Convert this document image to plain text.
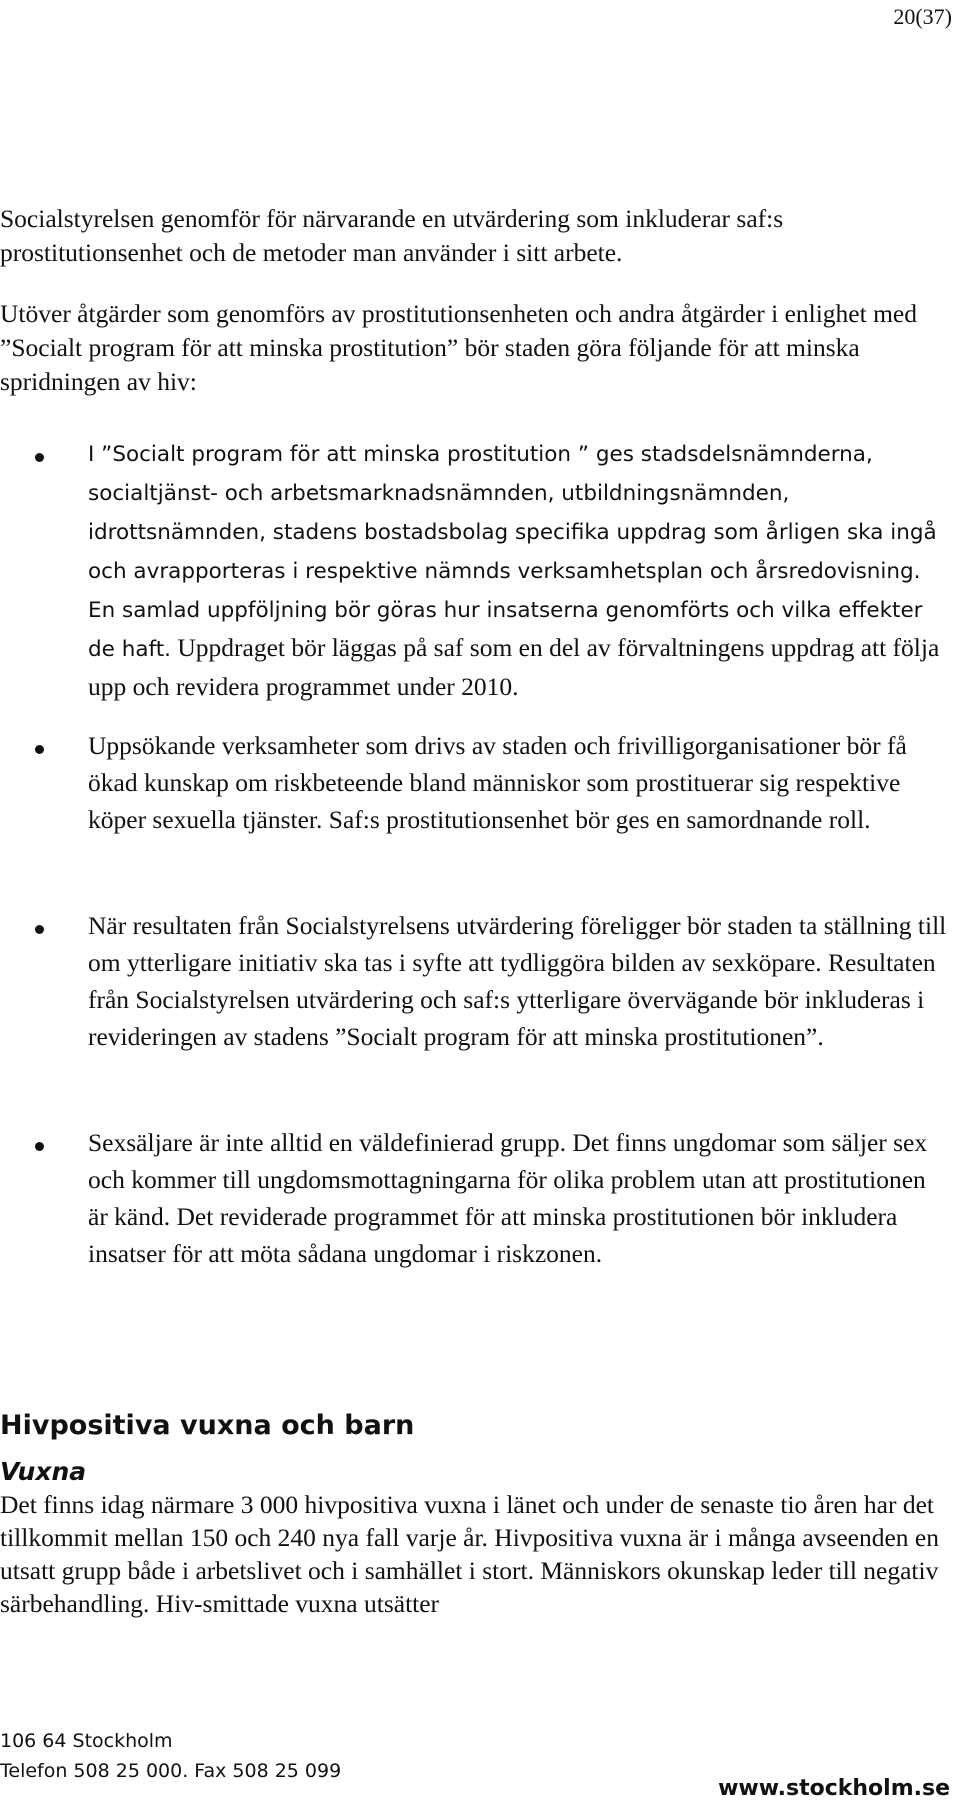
20(37)

Socialstyrelsen genomför för närvarande en utvärdering som inkluderar saf:s prostitutionsenhet och de metoder man använder i sitt arbete.

Utöver åtgärder som genomförs av prostitutionsenheten och andra åtgärder i enlighet med ”Socialt program för att minska prostitution” bör staden göra följande för att minska spridningen av hiv:

I ”Socialt program för att minska prostitution ” ges stadsdelsnämnderna, socialtjänst- och arbetsmarknadsnämnden, utbildningsnämnden, idrottsnämnden, stadens bostadsbolag specifika uppdrag som årligen ska ingå och avrapporteras i respektive nämnds verksamhetsplan och årsredovisning. En samlad uppföljning bör göras hur insatserna genomförts och vilka effekter de haft. Uppdraget bör läggas på saf som en del av förvaltningens uppdrag att följa upp och revidera programmet under 2010.

Uppsökande verksamheter som drivs av staden och frivilligorganisationer bör få ökad kunskap om riskbeteende bland människor som prostituerar sig respektive köper sexuella tjänster. Saf:s prostitutionsenhet bör ges en samordnande roll.

När resultaten från Socialstyrelsens utvärdering föreligger bör staden ta ställning till om ytterligare initiativ ska tas i syfte att tydliggöra bilden av sexköpare. Resultaten från Socialstyrelsen utvärdering och saf:s ytterligare övervägande bör inkluderas i revideringen av stadens ”Socialt program för att minska prostitutionen”.

Sexsäljare är inte alltid en väldefinierad grupp. Det finns ungdomar som säljer sex och kommer till ungdomsmottagningarna för olika problem utan att prostitutionen är känd. Det reviderade programmet för att minska prostitutionen bör inkludera insatser för att möta sådana ungdomar i riskzonen.

Hivpositiva vuxna och barn
Vuxna

Det finns idag närmare 3 000 hivpositiva vuxna i länet och under de senaste tio åren har det tillkommit mellan 150 och 240 nya fall varje år. Hivpositiva vuxna är i många avseenden en utsatt grupp både i arbetslivet och i samhället i stort. Människors okunskap leder till negativ särbehandling. Hiv-smittade vuxna utsätter

106 64 Stockholm
Telefon 508 25 000. Fax 508 25 099
www.stockholm.se
